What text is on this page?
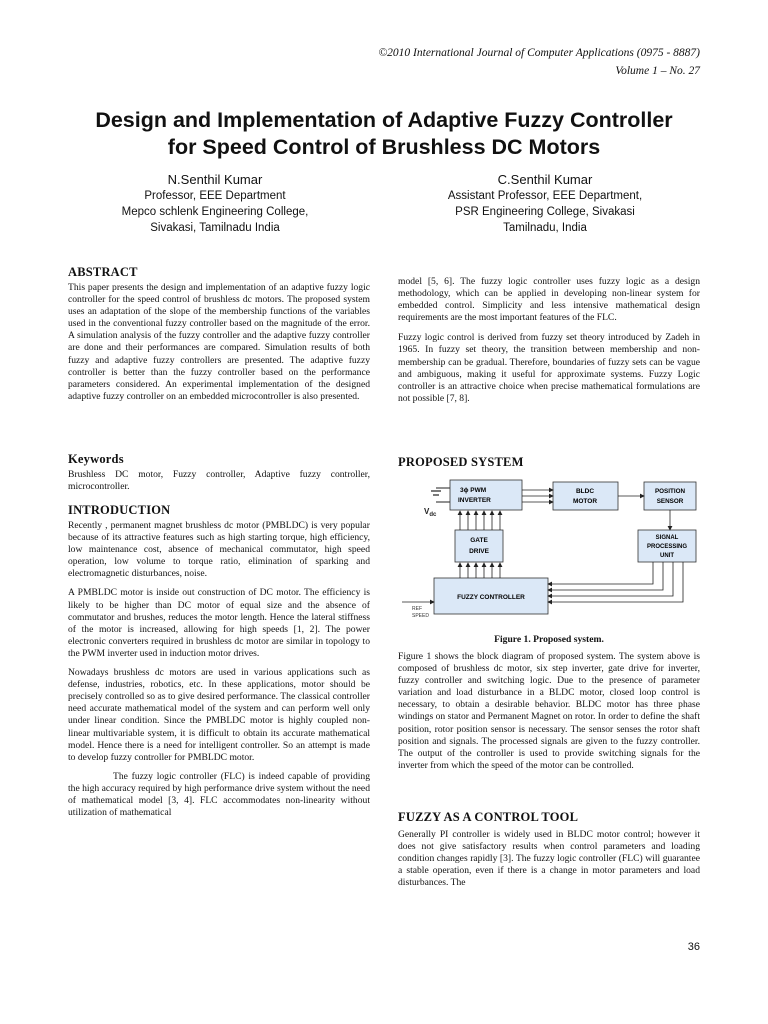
©2010 International Journal of Computer Applications (0975 - 8887)
Volume 1 – No. 27
Design and Implementation of Adaptive Fuzzy Controller
for Speed Control of Brushless DC Motors
N.Senthil Kumar
Professor, EEE Department
Mepco schlenk Engineering College,
Sivakasi, Tamilnadu India
C.Senthil Kumar
Assistant Professor, EEE Department,
PSR Engineering College, Sivakasi
Tamilnadu, India
ABSTRACT

This paper presents the design and implementation of an adaptive fuzzy logic controller for the speed control of brushless dc motors. The proposed system uses an adaptation of the slope of the membership functions of the variables used in the conventional fuzzy controller based on the magnitude of the error. A simulation analysis of the fuzzy controller and the adaptive fuzzy controller are done and their performances are compared. Simulation results of both fuzzy and adaptive fuzzy controllers are presented. The adaptive fuzzy controller is better than the fuzzy controller based on the performance parameters considered. An experimental implementation of the designed adaptive fuzzy controller on an embedded microcontroller is also presented.

Keywords

Brushless DC motor, Fuzzy controller, Adaptive fuzzy controller, microcontroller.

INTRODUCTION

Recently , permanent magnet brushless dc motor (PMBLDC) is very popular because of its attractive features such as high starting torque, high efficiency, low maintenance cost, absence of mechanical commutator, high speed operation, low volume to torque ratio, elimination of sparking and electromagnetic disturbances, noise.

A PMBLDC motor is inside out construction of DC motor. The efficiency is likely to be higher than DC motor of equal size and the absence of commutator and brushes, reduces the motor length. Hence the lateral stiffness of the motor is increased, allowing for high speeds [1, 2]. The power electronic converters required in brushless dc motor are similar in topology to the PWM inverter used in induction motor drives.

Nowadays brushless dc motors are used in various applications such as defense, industries, robotics, etc. In these applications, motor should be precisely controlled so as to give desired performance. The classical controller need accurate mathematical model of the system and can perform well only under linear condition. Since the PMBLDC motor is highly coupled non-linear multivariable system, it is difficult to obtain its accurate mathematical model. Hence there is a need for intelligent controller. So an attempt is made to develop fuzzy controller for PMBLDC motor.

The fuzzy logic controller (FLC) is indeed capable of providing the high accuracy required by high performance drive system without the need of mathematical model [3, 4]. FLC accommodates non-linearity without utilization of mathematical

model [5, 6]. The fuzzy logic controller uses fuzzy logic as a design methodology, which can be applied in developing non-linear system for embedded control. Simplicity and less intensive mathematical design requirements are the most important features of the FLC.

Fuzzy logic control is derived from fuzzy set theory introduced by Zadeh in 1965. In fuzzy set theory, the transition between membership and non-membership can be gradual. Therefore, boundaries of fuzzy sets can be vague and ambiguous, making it useful for approximate systems. Fuzzy Logic controller is an attractive choice when precise mathematical formulations are not possible [7, 8].

PROPOSED SYSTEM
$V_{dc}$
3ϕ PWM
INVERTER
BLDC
MOTOR
POSITION
SENSOR
GATE
DRIVE
SIGNAL
PROCESSING
UNIT
FUZZY CONTROLLER
REF
SPEED
Figure 1. Proposed system.

Figure 1 shows the block diagram of proposed system. The system above is composed of brushless dc motor, six step inverter, gate drive for inverter, fuzzy controller and switching logic. Due to the presence of parameter variation and load disturbance in a BLDC motor, closed loop control is necessary, to obtain a desirable behavior. BLDC motor has three phase windings on stator and Permanent Magnet on rotor. In order to define the shaft position, rotor position sensor is necessary. The sensor senses the rotor shaft position and signals. The processed signals are given to the fuzzy controller. The output of the controller is used to provide switching signals for the inverter from which the speed of the motor can be controlled.

FUZZY AS A CONTROL TOOL

Generally PI controller is widely used in BLDC motor control; however it does not give satisfactory results when control parameters and loading condition changes rapidly [3]. The fuzzy logic controller (FLC) will guarantee a stable operation, even if there is a change in motor parameters and load disturbances. The

36
